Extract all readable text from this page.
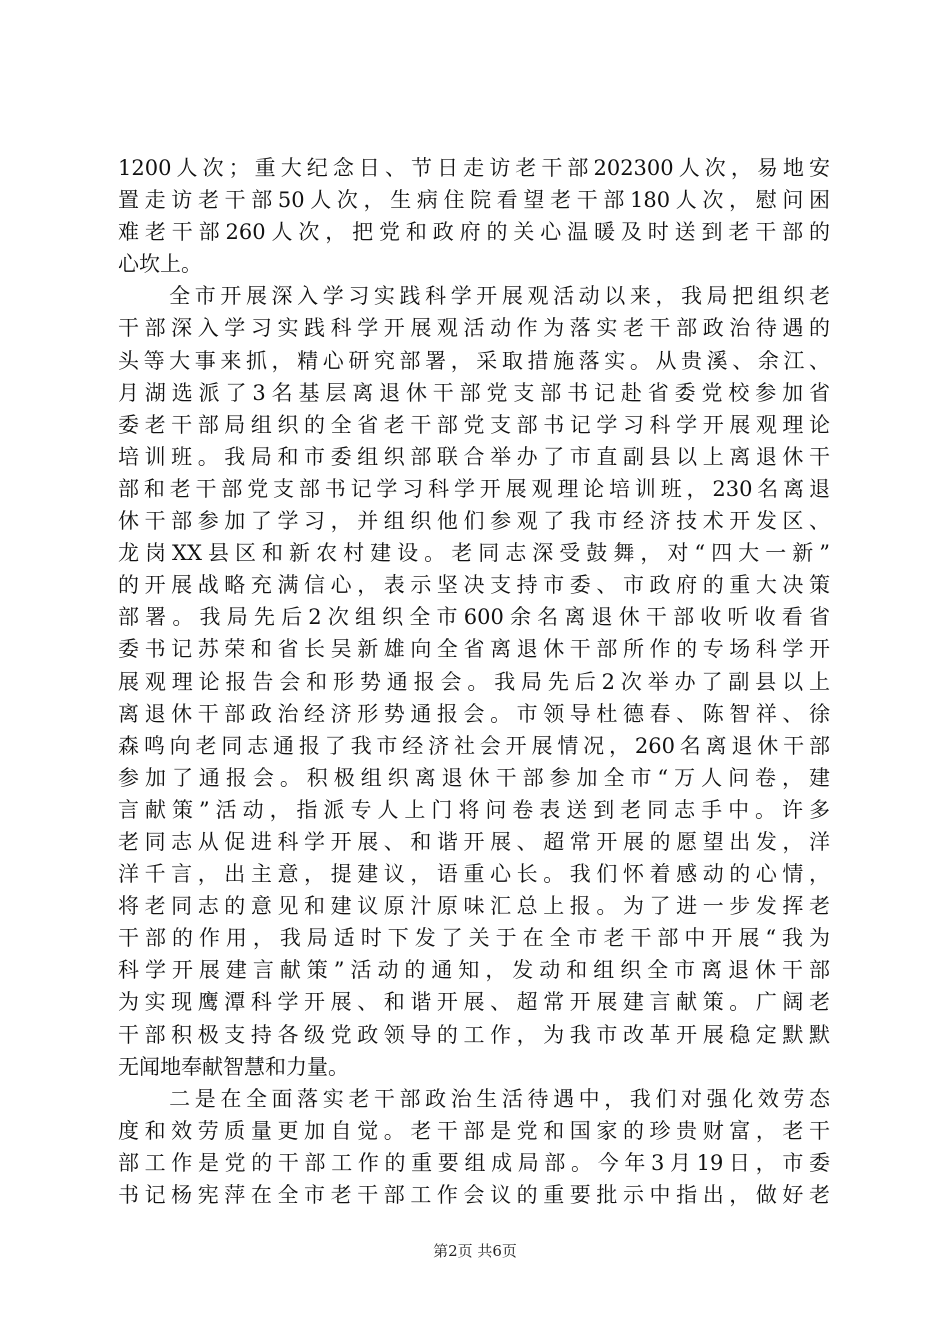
1200人次；重大纪念日、节日走访老干部202300人次，易地安
置走访老干部50人次，生病住院看望老干部180人次，慰问困
难老干部260人次，把党和政府的关心温暖及时送到老干部的
心坎上。
　　全市开展深入学习实践科学开展观活动以来，我局把组织老
干部深入学习实践科学开展观活动作为落实老干部政治待遇的
头等大事来抓，精心研究部署，采取措施落实。从贵溪、余江、
月湖选派了3名基层离退休干部党支部书记赴省委党校参加省
委老干部局组织的全省老干部党支部书记学习科学开展观理论
培训班。我局和市委组织部联合举办了市直副县以上离退休干
部和老干部党支部书记学习科学开展观理论培训班，230名离退
休干部参加了学习，并组织他们参观了我市经济技术开发区、
龙岗XX县区和新农村建设。老同志深受鼓舞，对“四大一新”
的开展战略充满信心，表示坚决支持市委、市政府的重大决策
部署。我局先后2次组织全市600余名离退休干部收听收看省
委书记苏荣和省长吴新雄向全省离退休干部所作的专场科学开
展观理论报告会和形势通报会。我局先后2次举办了副县以上
离退休干部政治经济形势通报会。市领导杜德春、陈智祥、徐
森鸣向老同志通报了我市经济社会开展情况，260名离退休干部
参加了通报会。积极组织离退休干部参加全市“万人问卷，建
言献策”活动，指派专人上门将问卷表送到老同志手中。许多
老同志从促进科学开展、和谐开展、超常开展的愿望出发，洋
洋千言，出主意，提建议，语重心长。我们怀着感动的心情，
将老同志的意见和建议原汁原味汇总上报。为了进一步发挥老
干部的作用，我局适时下发了关于在全市老干部中开展“我为
科学开展建言献策”活动的通知，发动和组织全市离退休干部
为实现鹰潭科学开展、和谐开展、超常开展建言献策。广阔老
干部积极支持各级党政领导的工作，为我市改革开展稳定默默
无闻地奉献智慧和力量。
　　二是在全面落实老干部政治生活待遇中，我们对强化效劳态
度和效劳质量更加自觉。老干部是党和国家的珍贵财富，老干
部工作是党的干部工作的重要组成局部。今年3月19日，市委
书记杨宪萍在全市老干部工作会议的重要批示中指出，做好老
第2页 共6页
